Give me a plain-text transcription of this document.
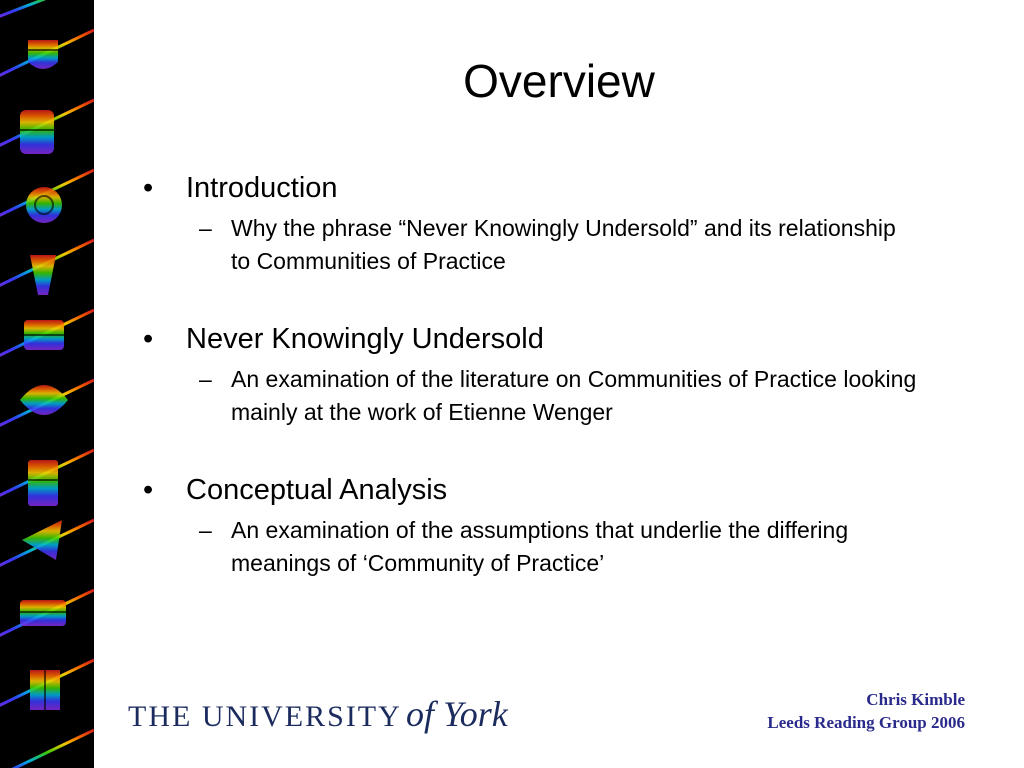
Overview
• Introduction
– Why the phrase “Never Knowingly Undersold” and its relationship to Communities of Practice
• Never Knowingly Undersold
– An examination of the literature on Communities of Practice looking mainly at the work of Etienne Wenger
• Conceptual Analysis
– An examination of the assumptions that underlie the differing meanings of ‘Community of Practice’
THE UNIVERSITY of York	Chris Kimble
Leeds Reading Group 2006
